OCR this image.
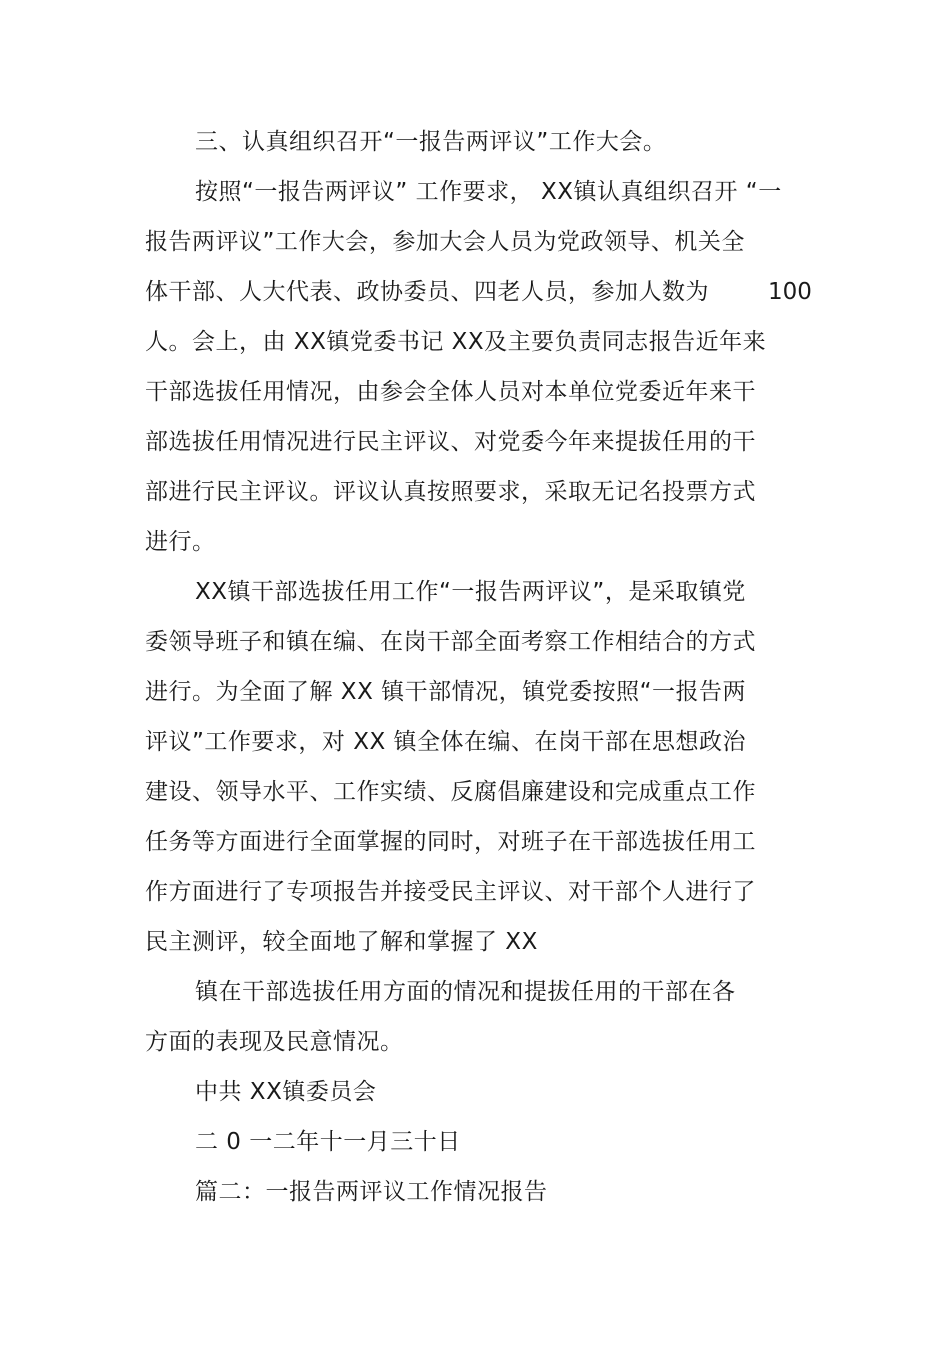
三、认真组织召开“一报告两评议”工作大会。
按照“一报告两评议” 工作要求， XX镇认真组织召开 “一
报告两评议”工作大会，参加大会人员为党政领导、机关全
体干部、人大代表、政协委员、四老人员，参加人数为	100
人。会上，由 XX镇党委书记 XX及主要负责同志报告近年来
干部选拔任用情况，由参会全体人员对本单位党委近年来干
部选拔任用情况进行民主评议、对党委今年来提拔任用的干
部进行民主评议。评议认真按照要求，采取无记名投票方式
进行。
XX镇干部选拔任用工作“一报告两评议”，是采取镇党
委领导班子和镇在编、在岗干部全面考察工作相结合的方式
进行。为全面了解 XX 镇干部情况，镇党委按照“一报告两
评议”工作要求，对 XX 镇全体在编、在岗干部在思想政治
建设、领导水平、工作实绩、反腐倡廉建设和完成重点工作
任务等方面进行全面掌握的同时，对班子在干部选拔任用工
作方面进行了专项报告并接受民主评议、对干部个人进行了
民主测评，较全面地了解和掌握了 XX
镇在干部选拔任用方面的情况和提拔任用的干部在各
方面的表现及民意情况。
中共 XX镇委员会
二 0 一二年十一月三十日
篇二：一报告两评议工作情况报告
